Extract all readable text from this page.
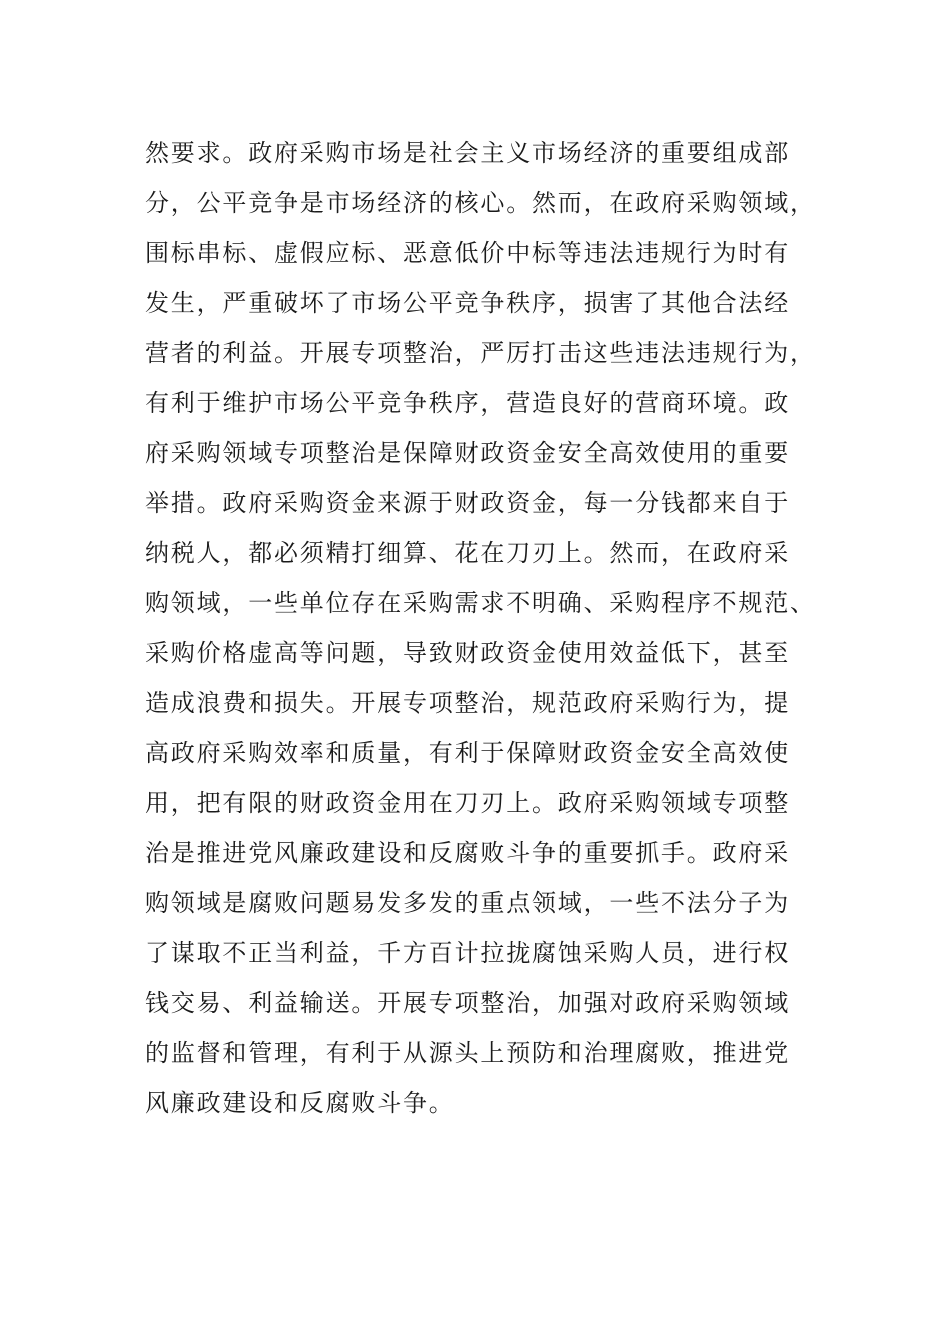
然要求。政府采购市场是社会主义市场经济的重要组成部
分，公平竞争是市场经济的核心。然而，在政府采购领域，
围标串标、虚假应标、恶意低价中标等违法违规行为时有
发生，严重破坏了市场公平竞争秩序，损害了其他合法经
营者的利益。开展专项整治，严厉打击这些违法违规行为，
有利于维护市场公平竞争秩序，营造良好的营商环境。政
府采购领域专项整治是保障财政资金安全高效使用的重要
举措。政府采购资金来源于财政资金，每一分钱都来自于
纳税人，都必须精打细算、花在刀刃上。然而，在政府采
购领域，一些单位存在采购需求不明确、采购程序不规范、
采购价格虚高等问题，导致财政资金使用效益低下，甚至
造成浪费和损失。开展专项整治，规范政府采购行为，提
高政府采购效率和质量，有利于保障财政资金安全高效使
用，把有限的财政资金用在刀刃上。政府采购领域专项整
治是推进党风廉政建设和反腐败斗争的重要抓手。政府采
购领域是腐败问题易发多发的重点领域，一些不法分子为
了谋取不正当利益，千方百计拉拢腐蚀采购人员，进行权
钱交易、利益输送。开展专项整治，加强对政府采购领域
的监督和管理，有利于从源头上预防和治理腐败，推进党
风廉政建设和反腐败斗争。
